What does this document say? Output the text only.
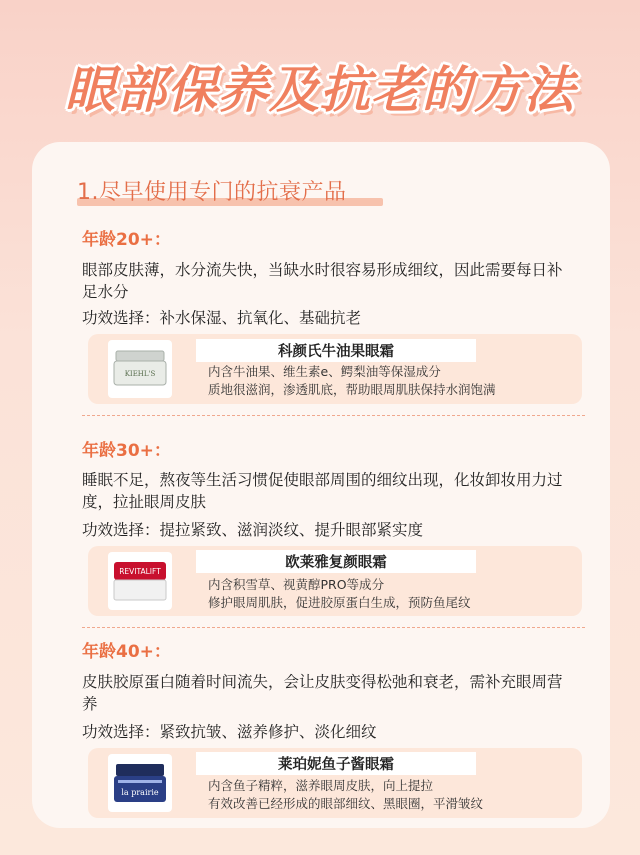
眼部保养及抗老的方法
1.尽早使用专门的抗衰产品
年龄20+：
眼部皮肤薄，水分流失快，当缺水时很容易形成细纹，因此需要每日补足水分
功效选择：补水保湿、抗氧化、基础抗老
KIEHL'S
科颜氏牛油果眼霜
内含牛油果、维生素e、鳄梨油等保湿成分
质地很滋润，渗透肌底，帮助眼周肌肤保持水润饱满
年龄30+：
睡眠不足，熬夜等生活习惯促使眼部周围的细纹出现，化妆卸妆用力过度，拉扯眼周皮肤
功效选择：提拉紧致、滋润淡纹、提升眼部紧实度
REVITALIFT
欧莱雅复颜眼霜
内含积雪草、视黄醇PRO等成分
修护眼周肌肤，促进胶原蛋白生成，预防鱼尾纹
年龄40+：
皮肤胶原蛋白随着时间流失，会让皮肤变得松弛和衰老，需补充眼周营养
功效选择：紧致抗皱、滋养修护、淡化细纹
la prairie
莱珀妮鱼子酱眼霜
内含鱼子精粹，滋养眼周皮肤，向上提拉
有效改善已经形成的眼部细纹、黑眼圈，平滑皱纹
